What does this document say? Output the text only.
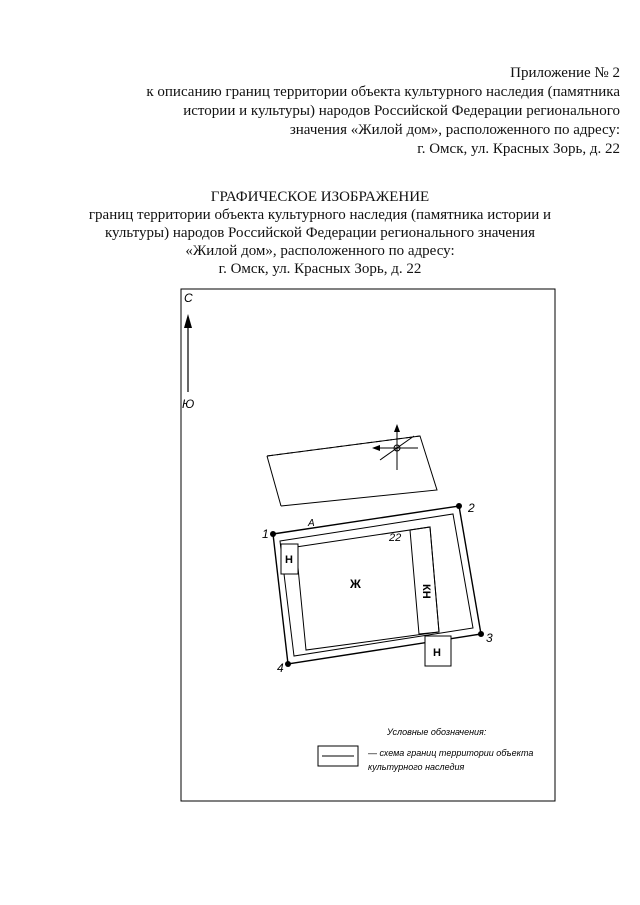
Приложение № 2
к описанию границ территории объекта культурного наследия (памятника
истории и культуры) народов Российской Федерации регионального
значения «Жилой дом», расположенного по адресу:
г. Омск, ул. Красных Зорь, д. 22
ГРАФИЧЕСКОЕ ИЗОБРАЖЕНИЕ
границ территории объекта культурного наследия (памятника истории и
культуры) народов Российской Федерации регионального значения
«Жилой дом», расположенного по адресу:
г. Омск, ул. Красных Зорь, д. 22
С
Ю
1
2
3
4
А
22
Ж	КН
Н
Н
Условные обозначения:
— схема границ территории объекта
культурного наследия
